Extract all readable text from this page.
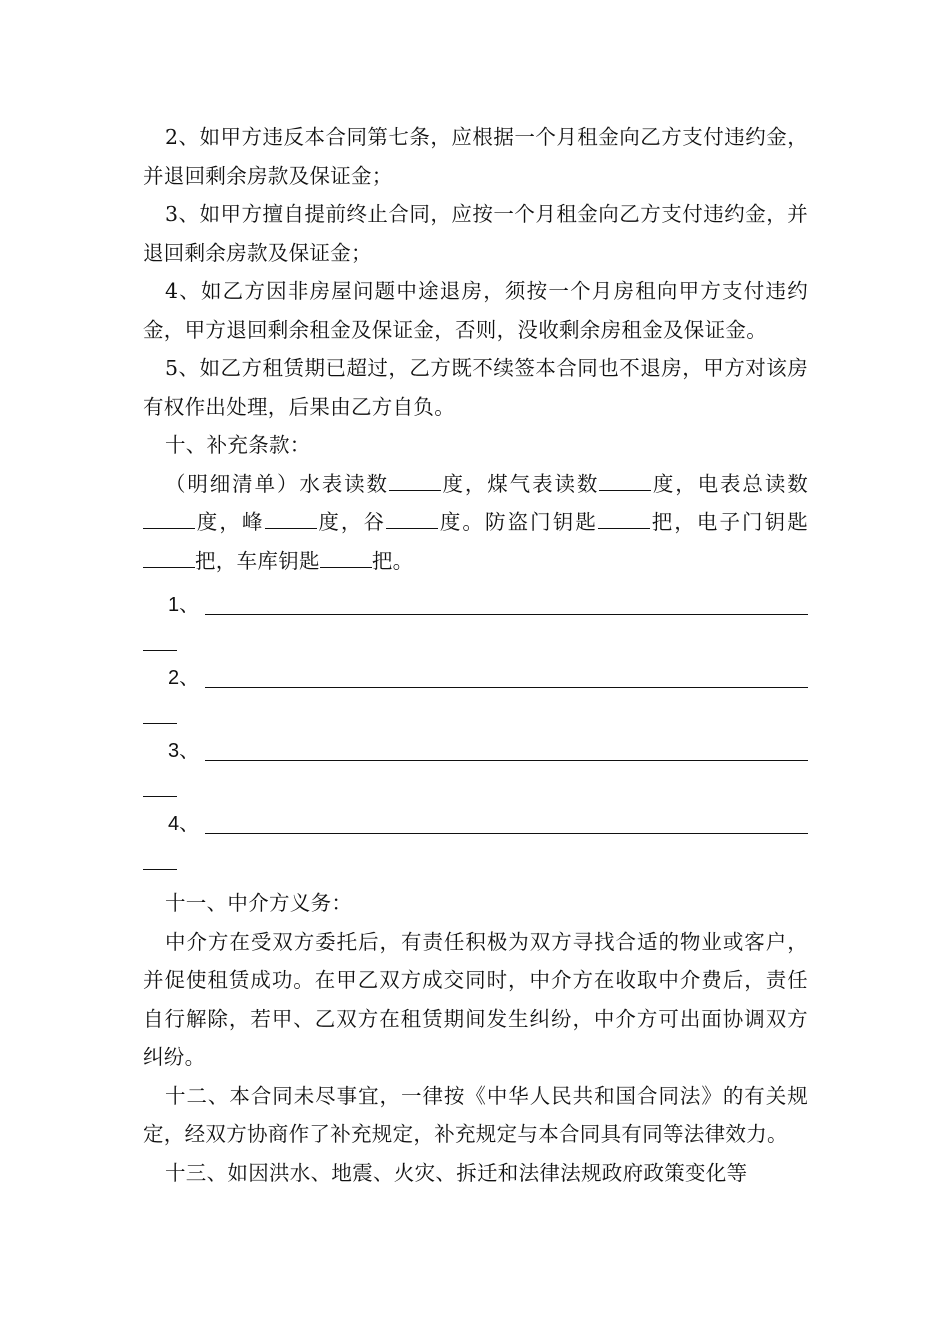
2、如甲方违反本合同第七条，应根据一个月租金向乙方支付违约金，并退回剩余房款及保证金；

3、如甲方擅自提前终止合同，应按一个月租金向乙方支付违约金，并退回剩余房款及保证金；

4、如乙方因非房屋问题中途退房，须按一个月房租向甲方支付违约金，甲方退回剩余租金及保证金，否则，没收剩余房租金及保证金。

5、如乙方租赁期已超过，乙方既不续签本合同也不退房，甲方对该房有权作出处理，后果由乙方自负。

十、补充条款：

（明细清单）水表读数	度，煤气表读数	度，电表总读数度，峰	度，谷	度。防盗门钥匙	把，电子门钥匙把，车库钥匙	把。

1、
2、
3、
4、

十一、中介方义务：

中介方在受双方委托后，有责任积极为双方寻找合适的物业或客户，并促使租赁成功。在甲乙双方成交同时，中介方在收取中介费后，责任自行解除，若甲、乙双方在租赁期间发生纠纷，中介方可出面协调双方纠纷。

十二、本合同未尽事宜，一律按《中华人民共和国合同法》的有关规定，经双方协商作了补充规定，补充规定与本合同具有同等法律效力。

十三、如因洪水、地震、火灾、拆迁和法律法规政府政策变化等
